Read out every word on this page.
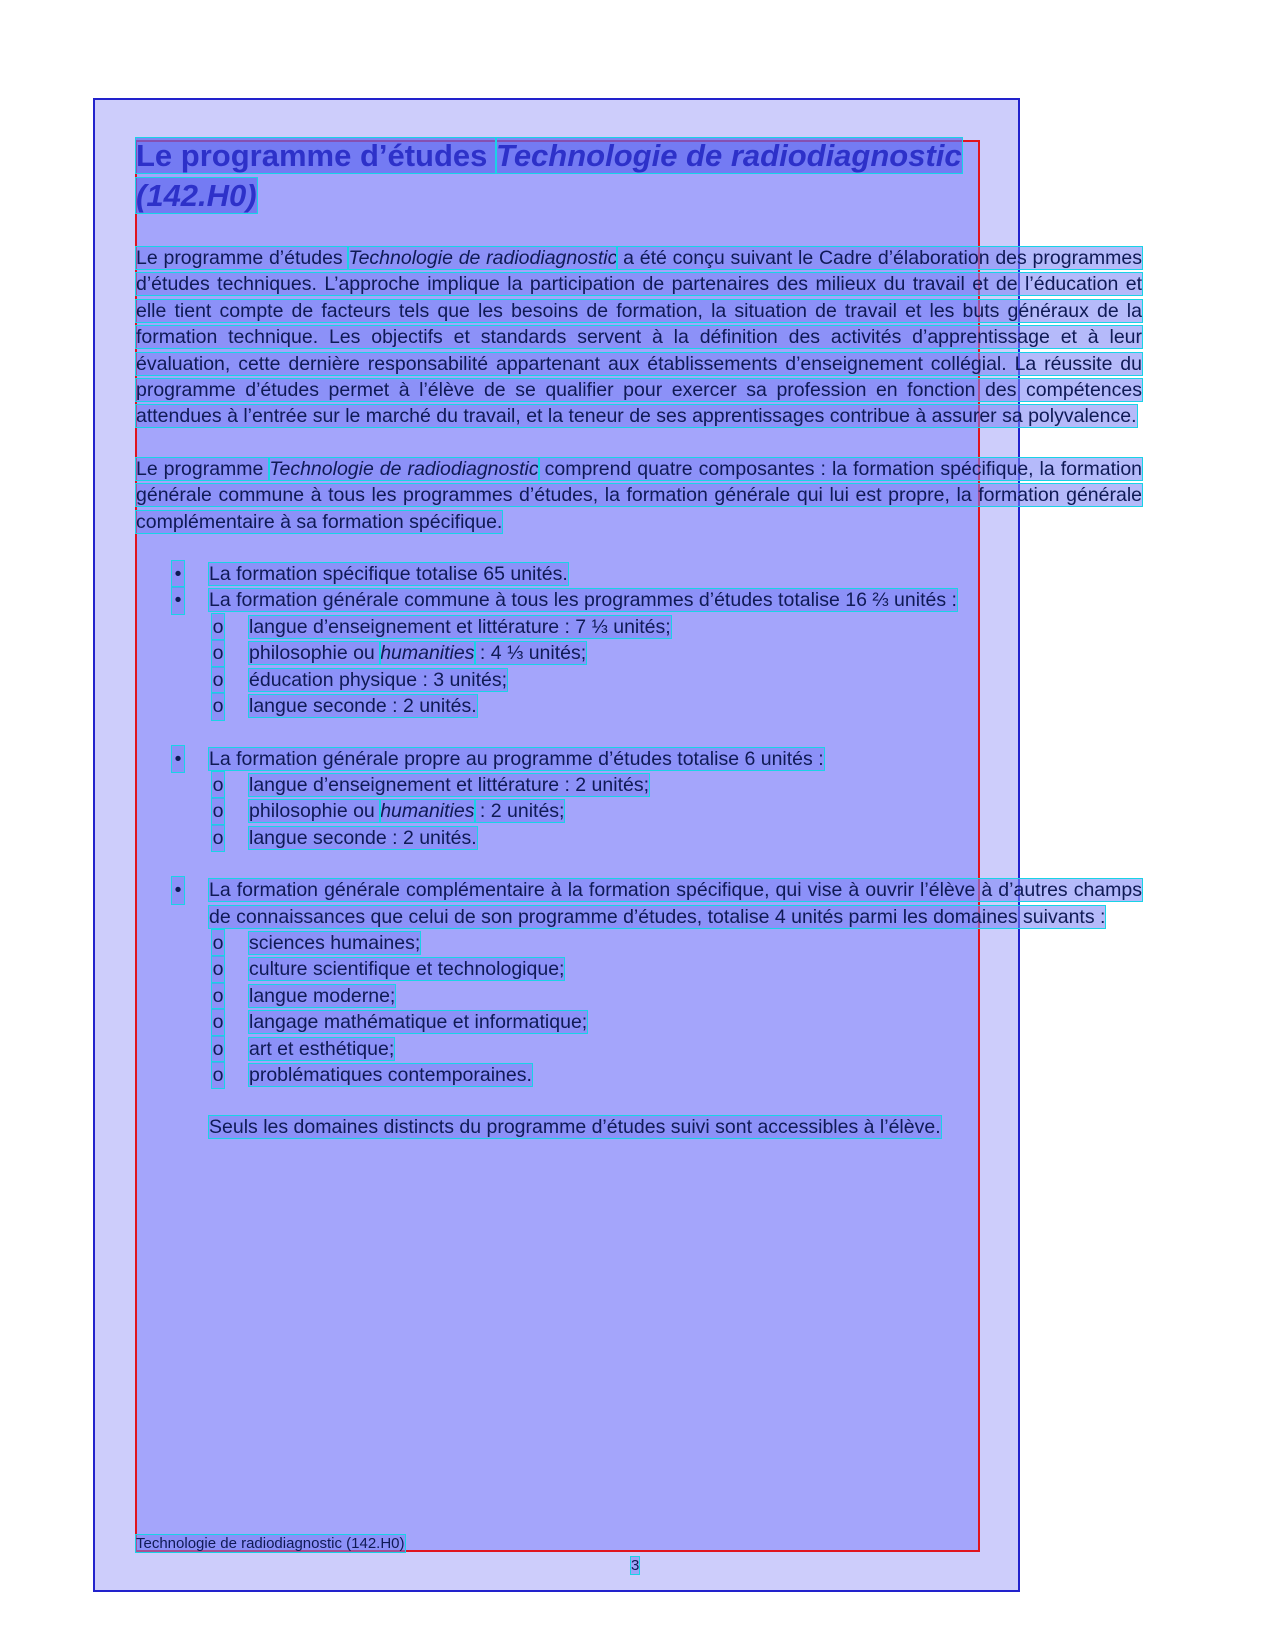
Le programme d’études Technologie de radiodiagnostic
(142.H0)

Le programme d’études Technologie de radiodiagnostic a été conçu suivant le Cadre d’élaboration des programmes d’études techniques. L’approche implique la participation de partenaires des milieux du travail et de l’éducation et elle tient compte de facteurs tels que les besoins de formation, la situation de travail et les buts généraux de la formation technique. Les objectifs et standards servent à la définition des activités d’apprentissage et à leur évaluation, cette dernière responsabilité appartenant aux établissements d’enseignement collégial. La réussite du programme d’études permet à l’élève de se qualifier pour exercer sa profession en fonction des compétences attendues à l’entrée sur le marché du travail, et la teneur de ses apprentissages contribue à assurer sa polyvalence.

Le programme Technologie de radiodiagnostic comprend quatre composantes : la formation spécifique, la formation générale commune à tous les programmes d’études, la formation générale qui lui est propre, la formation générale complémentaire à sa formation spécifique.

• La formation spécifique totalise 65 unités.
• La formation générale commune à tous les programmes d’études totalise 16 ⅔ unités :
o langue d’enseignement et littérature : 7 ⅓ unités;
o philosophie ou humanities : 4 ⅓ unités;
o éducation physique : 3 unités;
o langue seconde : 2 unités.
• La formation générale propre au programme d’études totalise 6 unités :
o langue d’enseignement et littérature : 2 unités;
o philosophie ou humanities : 2 unités;
o langue seconde : 2 unités.
• La formation générale complémentaire à la formation spécifique, qui vise à ouvrir l’élève à d’autres champs de connaissances que celui de son programme d’études, totalise 4 unités parmi les domaines suivants :
o sciences humaines;
o culture scientifique et technologique;
o langue moderne;
o langage mathématique et informatique;
o art et esthétique;
o problématiques contemporaines.

Seuls les domaines distincts du programme d’études suivi sont accessibles à l’élève.

Technologie de radiodiagnostic (142.H0)
3
